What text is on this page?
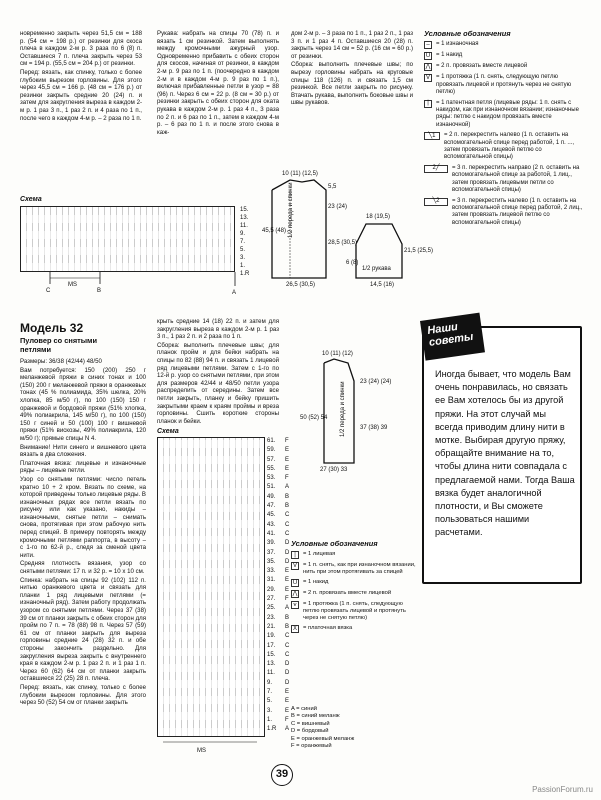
новременно закрыть через 51,5 см = 188 р. (54 см = 198 р.) от резинки для скоса плеча в каждом 2-м р. 3 раза по 6 (8) п. Оставшиеся 7 п. плеча закрыть через 53 см = 194 р. (55,5 см = 204 р.) от резинки.

Перед: вязать, как спинку, только с более глубоким вырезом горловины. Для этого через 45,5 см = 166 р. (48 см = 176 р.) от резинки закрыть средние 20 (24) п. и затем для закругления выреза в каждом 2-м р. 1 раз 3 п., 1 раз 2 п. и 4 раза по 1 п., после чего в каждом 4-м р. – 2 раза по 1 п.

Рукава: набрать на спицы 70 (78) п. и вязать 1 см резинкой. Затем выполнять между кромочными ажурный узор. Одновременно прибавить с обеих сторон для скосов, начиная от резинки, в каждом 2-м р. 9 раз по 1 п. (поочередно в каждом 2-м и в каждом 4-м р. 9 раз по 1 п.), включая прибавленные петли в узор = 88 (96) п. Через 6 см = 22 р. (8 см = 30 р.) от резинки закрыть с обеих сторон для оката рукава в каждом 2-м р. 1 раз 4 п., 3 раза по 2 п. и 6 раз по 1 п., затем в каждом 4-м р. – 6 раз по 1 п. и после этого снова в каж-

дом 2-м р. – 3 раза по 1 п., 1 раз 2 п., 1 раз 3 п. и 1 раз 4 п. Оставшиеся 20 (28) п. закрыть через 14 см = 52 р. (16 см = 60 р.) от резинки.

Сборка: выполнить плечевые швы; по вырезу горловины набрать на круговые спицы 118 (126) п. и связать 1,5 см резинкой. Все петли закрыть по рисунку. Втачать рукава, выполнить боковые швы и швы рукавов.

Условные обозначения
–	= 1 изнаночная
U = 1 накид
⋀ = 2 п. провязать вместе лицевой
V	= 1 протяжка (1 п. снять, следующую петлю провязать лицевой и протянуть через не снятую петлю)
|	= 1 патентная петля (лицевые ряды: 1 п. снять с накидом, как при изнаночном вязании; изнаночные ряды: петлю с накидом провязать вместе изнаночной)
╲1	= 2 п. перекрестить налево (1 п. оставить на вспомогательной спице перед работой, 1 п. ..., затем провязать лицевой петлю со вспомогательной спицы)
2╱	= 3 п. перекрестить направо (2 п. оставить на вспомогательной спице за работой, 1 лиц., затем провязать лицевыми петли со вспомогательной спицы)
╲2	= 3 п. перекрестить налево (1 п. оставить на вспомогательной спице перед работой, 2 лиц., затем провязать лицевой петлю со вспомогательной спицы)
Схема
15.
13.
11.
9.
7.
5.
3.
1.
1.R
C
MS
B	A
10 (11) (12,5)
5,5
23 (24)
45,5 (48)
28,5 (30,5)
26,5 (30,5)
1/2 переда и спинки	18 (19,5)
21,5 (25,5)
14,5 (16)
6 (8)
1/2 рукава
Модель 32
Пуловер со снятыми петлями

Размеры: 36/38 (42/44) 48/50

Вам потребуется: 150 (200) 250 г меланжевой пряжи в синих тонах и 100 (150) 200 г меланжевой пряжи в оранжевых тонах (45 % полиамида, 35% шелка, 20% хлопка, 85 м/50 г), по 100 (150) 150 г оранжевой и бордовой пряжи (51% хлопка, 49% полиакрила, 145 м/50 г), по 100 (150) 150 г синей и 50 (100) 100 г вишневой пряжи (51% вискозы, 49% полиакрила, 120 м/50 г); прямые спицы N 4.

Внимание! Нити синего и вишневого цвета вязать в два сложения.

Платочная вязка: лицевые и изнаночные ряды – лицевые петли.

Узор со снятыми петлями: число петель кратно 10 + 2 кром. Вязать по схеме, на которой приведены только лицевые ряды. В изнаночных рядах все петли вязать по рисунку или как указано, накиды – изнаночными, снятые петли – снимать снова, протягивая при этом рабочую нить перед спицей. В примеру повторять между кромочными петлями раппорта, в высоту – с 1-го по 62-й р., следя за сменой цвета нити.

Средняя плотность вязания, узор со снятыми петлями: 17 п. и 32 р. = 10 х 10 см.

Спинка: набрать на спицы 92 (102) 112 п. нитью оранжевого цвета и связать для планки 1 ряд лицевыми петлями (= изнаночный ряд). Затем работу продолжать узором со снятыми петлями. Через 37 (38) 39 см от планки закрыть с обеих сторон для пройм по 7 п. = 78 (88) 98 п. Через 57 (59) 61 см от планки закрыть для выреза горловины средние 24 (28) 32 п. и обе стороны закончить раздельно. Для закругления выреза закрыть с внутреннего края в каждом 2-м р. 1 раз 2 п. и 1 раз 1 п. Через 60 (62) 64 см от планки закрыть оставшиеся 22 (25) 28 п. плеча.

Перед: вязать, как спинку, только с более глубоким вырезом горловины. Для этого через 50 (52) 54 см от планки закрыть

крыть средние 14 (18) 22 п. и затем для закругления выреза в каждом 2-м р. 1 раз 3 п., 1 раз 2 п. и 2 раза по 1 п.

Сборка: выполнить плечевые швы; для планок пройм и для бейки набрать на спицы по 82 (88) 94 п. и связать 1 лицевой ряд лицевыми петлями. Затем с 1-го по 12-й р. узор со снятыми петлями, при этом для размеров 42/44 и 48/50 петли узора распределить от середины. Затем все петли закрыть, планку и бейку пришить закрытыми краем к краям проймы и вреза горловины. Сшить короткие стороны планок и бейки.

10 (11) (12)
23 (24) (24)
50 (52) 54
37 (38) 39
27 (30) 33
1/2 переда и спинки
Наши советы
Иногда бывает, что модель Вам очень понравилась, но связать ее Вам хотелось бы из другой пряжи. На этот случай мы всегда приводим длину нити в мотке. Выбирая другую пряжу, обращайте внимание на то, чтобы длина нити совпадала с предлагаемой нами. Тогда Ваша вязка будет аналогичной плотности, и Вы сможете пользоваться нашими расчетами.
Схема
61.	F
59.	E
57.	E
55.	E
53.	F
51.	A
49.	B
47.	B
45.	C
43.	C
41.	C
39.	D
37.	D
35.	D
33.	E
31.	E
29.	E
27.	F
25.	A
23.	B
21.	B
19.	C
17.	C
15.	C
13.	D
11.	D
9.	D
7.	E
5.	E
3.	E
1.	F
1.R	A
MS
Условные обозначения
|	= 1 лицевая
V	= 1 п. снять, как при изнаночном вязании, нить при этом протягивать за спицей
U	= 1 накид
⋀ = 2 п. провязать вместе лицевой
⩛	= 1 протяжка (1 п. снять, следующую петлю провязать лицевой и протянуть через не снятую петлю)
X	= платочная вязка
A = синий
B = синий меланж
C = вишневый
D = бордовый
E = оранжевый меланж
F = оранжевый
39
PassionForum.ru
